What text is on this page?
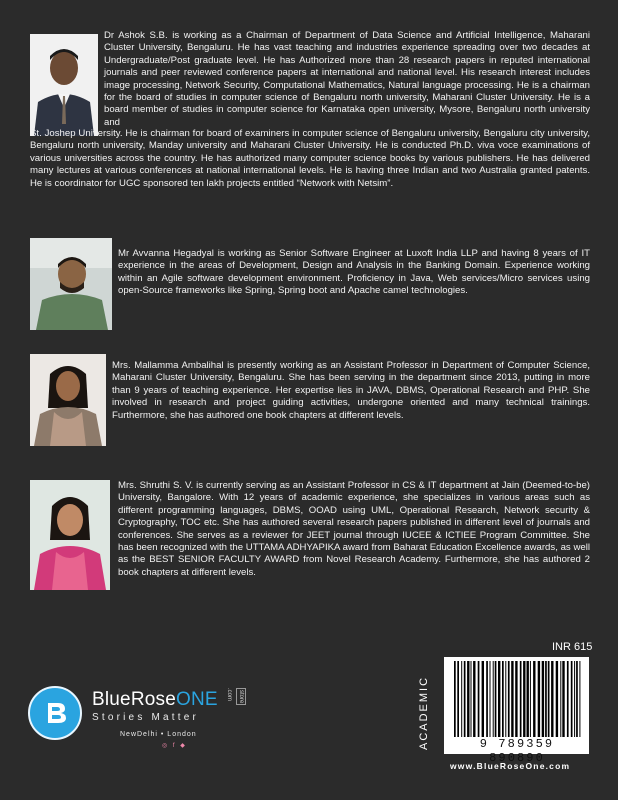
Dr Ashok S.B. is working as a Chairman of Department of Data Science and Artificial Intelligence, Maharani Cluster University, Bengaluru. He has vast teaching and industries experience spreading over two decades at Undergraduate/Post graduate level. He has Authorized more than 28 research papers in reputed international journals and peer reviewed conference papers at international and national level. His research interest includes image processing, Network Security, Computational Mathematics, Natural language processing. He is a chairman for the board of studies in computer science of Bengaluru north university, Maharani Cluster University. He is a board member of studies in computer science for Karnataka open university, Mysore, Bengaluru north university and
St. Joshep University. He is chairman for board of examiners in computer science of Bengaluru university, Bengaluru city university, Bengaluru north university, Manday university and Maharani Cluster University. He is conducted Ph.D. viva voce examinations of various universities across the country. He has authorized many computer science books by various publishers. He has delivered many lectures at various conferences at national international levels. He is having three Indian and two Australia granted patents. He is coordinator for UGC sponsored ten lakh projects entitled “Network with Netsim”.
Mr Avvanna Hegadyal is working as Senior Software Engineer at Luxoft India LLP and having 8 years of IT experience in the areas of Development, Design and Analysis in the Banking Domain. Experience working within an Agile software development environment. Proficiency in Java, Web services/Micro services using open-Source frameworks like Spring, Spring boot and Apache camel technologies.
Mrs. Mallamma Ambalihal is presently working as an Assistant Professor in Department of Computer Science, Maharani Cluster University, Bengaluru. She has been serving in the department since 2013, putting in more than 9 years of teaching experience. Her expertise lies in JAVA, DBMS, Operational Research and PHP. She involved in research and project guiding activities, undergone oriented and many technical trainings. Furthermore, she has authored one book chapters at different levels.
Mrs. Shruthi S. V. is currently serving as an Assistant Professor in CS & IT department at Jain (Deemed-to-be) University, Bangalore. With 12 years of academic experience, she specializes in various areas such as different programming languages, DBMS, OOAD using UML, Operational Research, Network security & Cryptography, TOC etc. She has authored several research papers published in different level of journals and conferences. She serves as a reviewer for JEET journal through IUCEE & ICTIEE Program Committee. She has been recognized with the UTTAMA ADHYAPIKA award from Baharat Education Excellence awards, as well as the BEST SENIOR FACULTY AWARD from Novel Research Academy. Furthermore, she has authored 2 book chapters at different levels.
BlueRoseONE .com	store
Stories Matter
NewDelhi • London
◎ f ◆
INR 615
ACADEMIC	9 789359 890890
www.BlueRoseOne.com
